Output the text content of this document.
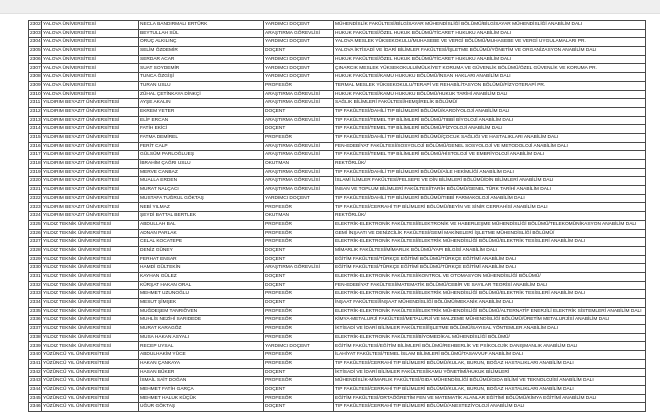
2302	YALOVA ÜNİVERSİTESİ	NECLA BANDIRMALI ERTÜRK	YARDIMCI DOÇENT	MÜHENDİSLİK FAKÜLTESİ/BİLGİSAYAR MÜHENDİSLİĞİ BÖLÜMÜ/BİLGİSAYAR MÜHENDİSLİĞİ ANABİLİM DALI
2303	YALOVA ÜNİVERSİTESİ	BEYTULLAH SÜL	ARAŞTIRMA GÖREVLİSİ	HUKUK FAKÜLTESİ/ÖZEL HUKUK BÖLÜMÜ/TİCARET HUKUKU ANABİLİM DALI
2304	YALOVA ÜNİVERSİTESİ	ORUÇ ALKILINÇ	YARDIMCI DOÇENT	YALOVA MESLEK YÜKSEKOKULU/MUHASEBE VE VERGİ BÖLÜMÜ/MUHASEBE VE VERGİ UYGULAMALARI PR.
2305	YALOVA ÜNİVERSİTESİ	SELİM ÖZDEMİR	DOÇENT	YALOVA İKTİSADİ VE İDARİ BİLİMLER FAKÜLTESİ/İŞLETME BÖLÜMÜ/YÖNETİM VE ORGANİZASYON ANABİLİM DALI
2306	YALOVA ÜNİVERSİTESİ	SERDAR ACAR	YARDIMCI DOÇENT	HUKUK FAKÜLTESİ/ÖZEL HUKUK BÖLÜMÜ/TİCARET HUKUKU ANABİLİM DALI
2307	YALOVA ÜNİVERSİTESİ	SUAT SOYDEMİR	YARDIMCI DOÇENT	ÇINARCIK MESLEK YÜKSEKOKULU/MÜLKİYET KORUMA VE GÜVENLİK BÖLÜMÜ/ÖZEL GÜVENLİK VE KORUMA PR.
2308	YALOVA ÜNİVERSİTESİ	TUNCA ÖZGİŞİ	YARDIMCI DOÇENT	HUKUK FAKÜLTESİ/KAMU HUKUKU BÖLÜMÜ/İNSAN HAKLARI ANABİLİM DALI
2309	YALOVA ÜNİVERSİTESİ	TURAN USLU	PROFESÖR	TERMAL MESLEK YÜKSEKOKULU/TERAPİ VE REHABİLİTASYON BÖLÜMÜ/FİZYOTERAPİ PR.
2310	YALOVA ÜNİVERSİTESİ	ZÜHAL ÇETİNKAYA DİNKÇİ	ARAŞTIRMA GÖREVLİSİ	HUKUK FAKÜLTESİ/KAMU HUKUKU BÖLÜMÜ/HUKUK TARİHİ ANABİLİM DALI
2311	YILDIRIM BEYAZIT ÜNİVERSİTESİ	AYŞE AKALIN	ARAŞTIRMA GÖREVLİSİ	SAĞLIK BİLİMLERİ FAKÜLTESİ/HEMŞİRELİK BÖLÜMÜ/
2312	YILDIRIM BEYAZIT ÜNİVERSİTESİ	EKREM YETER	DOÇENT	TIP FAKÜLTESİ/DAHİLİ TIP BİLİMLERİ BÖLÜMÜ/KARDİYOLOJİ ANABİLİM DALI
2313	YILDIRIM BEYAZIT ÜNİVERSİTESİ	ELİF ERCAN	ARAŞTIRMA GÖREVLİSİ	TIP FAKÜLTESİ/TEMEL TIP BİLİMLERİ BÖLÜMÜ/TIBBİ BİYOLOJİ ANABİLİM DALI
2314	YILDIRIM BEYAZIT ÜNİVERSİTESİ	FATİH EKİCİ	DOÇENT	TIP FAKÜLTESİ/TEMEL TIP BİLİMLERİ BÖLÜMÜ/FİZYOLOJİ ANABİLİM DALI
2315	YILDIRIM BEYAZIT ÜNİVERSİTESİ	FATMA DEMİREL	PROFESÖR	TIP FAKÜLTESİ/DAHİLİ TIP BİLİMLERİ BÖLÜMÜ/ÇOCUK SAĞLIĞI VE HASTALIKLARI ANABİLİM DALI
2316	YILDIRIM BEYAZIT ÜNİVERSİTESİ	FERİT CALP	ARAŞTIRMA GÖREVLİSİ	FEN-EDEBİYAT FAKÜLTESİ/SOSYOLOJİ BÖLÜMÜ/GENEL SOSYOLOJİ VE METODOLOJİ ANABİLİM DALI
2317	YILDIRIM BEYAZIT ÜNİVERSİTESİ	GÜLSÜM PARLOĞLUEŞ	ARAŞTIRMA GÖREVLİSİ	TIP FAKÜLTESİ/TEMEL TIP BİLİMLERİ BÖLÜMÜ/HİSTOLOJİ VE EMBRİYOLOJİ ANABİLİM DALI
2318	YILDIRIM BEYAZIT ÜNİVERSİTESİ	İBRAHİM ÇAĞRI USLU	OKUTMAN	REKTÖRLÜK/
2319	YILDIRIM BEYAZIT ÜNİVERSİTESİ	MERVE CANBAZ	ARAŞTIRMA GÖREVLİSİ	TIP FAKÜLTESİ/DAHİLİ TIP BİLİMLERİ BÖLÜMÜ/AİLE HEKİMLİĞİ ANABİLİM DALI
2320	YILDIRIM BEYAZIT ÜNİVERSİTESİ	MUALLA ERDEN	ARAŞTIRMA GÖREVLİSİ	İSLAMİ İLİMLER FAKÜLTESİ/FELSEFE VE DİN BİLİMLERİ BÖLÜMÜ/DİN BİLİMLERİ ANABİLİM DALI
2321	YILDIRIM BEYAZIT ÜNİVERSİTESİ	MURAT NALÇACI	ARAŞTIRMA GÖREVLİSİ	İNSAN VE TOPLUM BİLİMLERİ FAKÜLTESİ/TARİH BÖLÜMÜ/GENEL TÜRK TARİHİ ANABİLİM DALI
2322	YILDIRIM BEYAZIT ÜNİVERSİTESİ	MUSTAFA TUĞRUL GÖKTAŞ	YARDIMCI DOÇENT	TIP FAKÜLTESİ/DAHİLİ TIP BİLİMLERİ BÖLÜMÜ/TIBBİ FARMAKOLOJİ ANABİLİM DALI
2323	YILDIRIM BEYAZIT ÜNİVERSİTESİ	NEBİ YILMAZ	PROFESÖR	TIP FAKÜLTESİ/CERRAHİ TIP BİLİMLERİ BÖLÜMÜ/BEYİN VE SİNİR CERRAHİSİ ANABİLİM DALI
2324	YILDIRIM BEYAZIT ÜNİVERSİTESİ	ŞEYDİ BATTAL BERTLEK	OKUTMAN	REKTÖRLÜK/
2325	YILDIZ TEKNİK ÜNİVERSİTESİ	ABDULLAH BAL	PROFESÖR	ELEKTRİK-ELEKTRONİK FAKÜLTESİ/ELEKTRONİK VE HABERLEŞME MÜHENDİSLİĞİ BÖLÜMÜ/TELEKOMÜNİKASYON ANABİLİM DALI
2326	YILDIZ TEKNİK ÜNİVERSİTESİ	ADNAN PARLAK	PROFESÖR	GEMİ İNŞAATI VE DENİZCİLİK FAKÜLTESİ/GEMİ MAKİNELERİ İŞLETME MÜHENDİSLİĞİ BÖLÜMÜ/
2327	YILDIZ TEKNİK ÜNİVERSİTESİ	CELAL KOCATEPE	PROFESÖR	ELEKTRİK-ELEKTRONİK FAKÜLTESİ/ELEKTRİK MÜHENDİSLİĞİ BÖLÜMÜ/ELEKTRİK TESİSLERİ ANABİLİM DALI
2328	YILDIZ TEKNİK ÜNİVERSİTESİ	DENİZ GÜNEY	DOÇENT	MİMARLIK FAKÜLTESİ/MİMARLIK BÖLÜMÜ/YAPI BİLGİSİ ANABİLİM DALI
2329	YILDIZ TEKNİK ÜNİVERSİTESİ	FERHAT ENSAR	DOÇENT	EĞİTİM FAKÜLTESİ/TÜRKÇE EĞİTİMİ BÖLÜMÜ/TÜRKÇE EĞİTİMİ ANABİLİM DALI
2330	YILDIZ TEKNİK ÜNİVERSİTESİ	HAMDİ GÜLTEKİN	ARAŞTIRMA GÖREVLİSİ	EĞİTİM FAKÜLTESİ/TÜRKÇE EĞİTİMİ BÖLÜMÜ/TÜRKÇE EĞİTİMİ ANABİLİM DALI
2331	YILDIZ TEKNİK ÜNİVERSİTESİ	KAYHAN GÜLEZ	DOÇENT	ELEKTRİK-ELEKTRONİK FAKÜLTESİ/KONTROL VE OTOMASYON MÜHENDİSLİĞİ BÖLÜMÜ/
2332	YILDIZ TEKNİK ÜNİVERSİTESİ	KÜRŞAT HAKAN ORAL	DOÇENT	FEN-EDEBİYAT FAKÜLTESİ/MATEMATİK BÖLÜMÜ/CEBİR VE SAYILAR TEORİSİ ANABİLİM DALI
2333	YILDIZ TEKNİK ÜNİVERSİTESİ	MEHMET UZUNOĞLU	PROFESÖR	ELEKTRİK-ELEKTRONİK FAKÜLTESİ/ELEKTRİK MÜHENDİSLİĞİ BÖLÜMÜ/ELEKTRİK TESİSLERİ ANABİLİM DALI
2334	YILDIZ TEKNİK ÜNİVERSİTESİ	MESUT ŞİMŞEK	DOÇENT	İNŞAAT FAKÜLTESİ/İNŞAAT MÜHENDİSLİĞİ BÖLÜMÜ/MEKANİK ANABİLİM DALI
2335	YILDIZ TEKNİK ÜNİVERSİTESİ	MUĞDEŞEM TANRIÖVEN	PROFESÖR	ELEKTRİK-ELEKTRONİK FAKÜLTESİ/ELEKTRİK MÜHENDİSLİĞİ BÖLÜMÜ/ALTERNATİF ENERJİLİ ELEKTRİK SİSTEMLERİ ANABİLİM DALI
2336	YILDIZ TEKNİK ÜNİVERSİTESİ	MUHLİS NEZİHİ SARIDEDE	PROFESÖR	KİMYA-METALURJİ FAKÜLTESİ/METALURJİ VE MALZEME MÜHENDİSLİĞİ BÖLÜMÜ/ÜRETİM METALURJİSİ ANABİLİM DALI
2337	YILDIZ TEKNİK ÜNİVERSİTESİ	MURAT KARAGÖZ	PROFESÖR	İKTİSADİ VE İDARİ BİLİMLER FAKÜLTESİ/İŞLETME BÖLÜMÜ/SAYISAL YÖNTEMLER ANABİLİM DALI
2338	YILDIZ TEKNİK ÜNİVERSİTESİ	MUSA HAKAN ASYALI	PROFESÖR	ELEKTRİK-ELEKTRONİK FAKÜLTESİ/BİYOMEDİKAL MÜHENDİSLİĞİ BÖLÜMÜ/
2339	YILDIZ TEKNİK ÜNİVERSİTESİ	RECEP UYSAL	YARDIMCI DOÇENT	EĞİTİM FAKÜLTESİ/EĞİTİM BİLİMLERİ BÖLÜMÜ/REHBERLİK VE PSİKOLOJİK DANIŞMANLIK ANABİLİM DALI
2340	YÜZÜNCÜ YIL ÜNİVERSİTESİ	ABDULHAKİM YÜCE	PROFESÖR	İLAHİYAT FAKÜLTESİ/TEMEL İSLAM BİLİMLERİ BÖLÜMÜ/TASAVVUF ANABİLİM DALI
2341	YÜZÜNCÜ YIL ÜNİVERSİTESİ	HAKAN ÇANKAYA	PROFESÖR	TIP FAKÜLTESİ/CERRAHİ TIP BİLİMLERİ BÖLÜMÜ/KULAK, BURUN, BOĞAZ HASTALIKLARI ANABİLİM DALI
2342	YÜZÜNCÜ YIL ÜNİVERSİTESİ	HASAN BÜKER	DOÇENT	İKTİSADİ VE İDARİ BİLİMLER FAKÜLTESİ/KAMU YÖNETİMİ/HUKUK BİLİMLERİ
2343	YÜZÜNCÜ YIL ÜNİVERSİTESİ	İSMAİL SAİT DOĞAN	PROFESÖR	MÜHENDİSLİK-MİMARLIK FAKÜLTESİ/GIDA MÜHENDİSLİĞİ BÖLÜMÜ/GIDA BİLİMİ VE TEKNOLOJİSİ ANABİLİM DALI
2344	YÜZÜNCÜ YIL ÜNİVERSİTESİ	MEHMET FATİH GARÇA	DOÇENT	TIP FAKÜLTESİ/CERRAHİ TIP BİLİMLERİ BÖLÜMÜ/KULAK, BURUN, BOĞAZ HASTALIKLARI ANABİLİM DALI
2345	YÜZÜNCÜ YIL ÜNİVERSİTESİ	MEHMET HALUK KÜÇÜK	PROFESÖR	EĞİTİM FAKÜLTESİ/ORTAÖĞRETİM FEN VE MATEMATİK ALANLAR EĞİTİMİ BÖLÜMÜ/KİMYA EĞİTİMİ ANABİLİM DALI
2346	YÜZÜNCÜ YIL ÜNİVERSİTESİ	UĞUR GÖKTAŞ	DOÇENT	TIP FAKÜLTESİ/CERRAHİ TIP BİLİMLERİ BÖLÜMÜ/ANESTEZİYOLOJİ ANABİLİM DALI
